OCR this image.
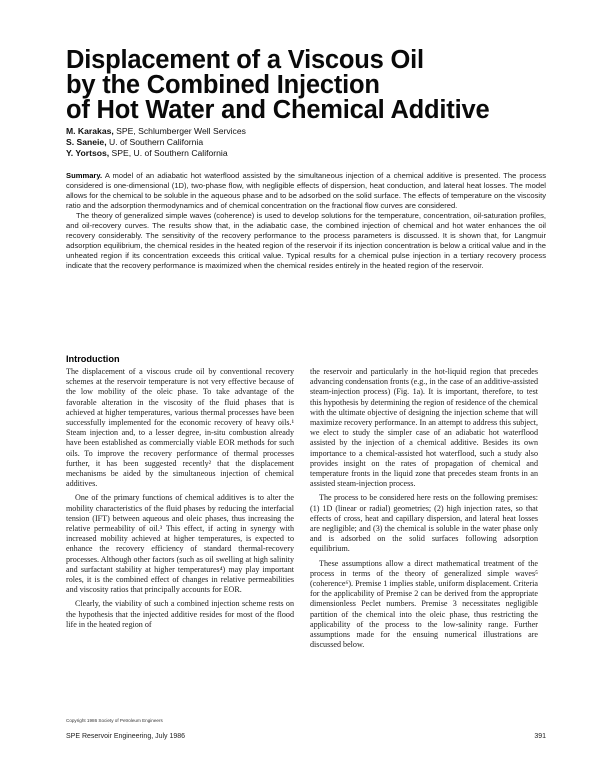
Displacement of a Viscous Oil
by the Combined Injection
of Hot Water and Chemical Additive
M. Karakas, SPE, Schlumberger Well Services
S. Saneie, U. of Southern California
Y. Yortsos, SPE, U. of Southern California

Summary. A model of an adiabatic hot waterflood assisted by the simultaneous injection of a chemical additive is presented. The process considered is one-dimensional (1D), two-phase flow, with negligible effects of dispersion, heat conduction, and lateral heat losses. The model allows for the chemical to be soluble in the aqueous phase and to be adsorbed on the solid surface. The effects of temperature on the viscosity ratio and the adsorption thermodynamics and of chemical concentration on the fractional flow curves are considered.

The theory of generalized simple waves (coherence) is used to develop solutions for the temperature, concentration, oil-saturation profiles, and oil-recovery curves. The results show that, in the adiabatic case, the combined injection of chemical and hot water enhances the oil recovery considerably. The sensitivity of the recovery performance to the process parameters is discussed. It is shown that, for Langmuir adsorption equilibrium, the chemical resides in the heated region of the reservoir if its injection concentration is below a critical value and in the unheated region if its concentration exceeds this critical value. Typical results for a chemical pulse injection in a tertiary recovery process indicate that the recovery performance is maximized when the chemical resides entirely in the heated region of the reservoir.

Introduction

The displacement of a viscous crude oil by conventional recovery schemes at the reservoir temperature is not very effective because of the low mobility of the oleic phase. To take advantage of the favorable alteration in the viscosity of the fluid phases that is achieved at higher temperatures, various thermal processes have been successfully implemented for the economic recovery of heavy oils.¹ Steam injection and, to a lesser degree, in-situ combustion already have been established as commercially viable EOR methods for such oils. To improve the recovery performance of thermal processes further, it has been suggested recently² that the displacement mechanisms be aided by the simultaneous injection of chemical additives.

One of the primary functions of chemical additives is to alter the mobility characteristics of the fluid phases by reducing the interfacial tension (IFT) between aqueous and oleic phases, thus increasing the relative permeability of oil.³ This effect, if acting in synergy with increased mobility achieved at higher temperatures, is expected to enhance the recovery efficiency of standard thermal-recovery processes. Although other factors (such as oil swelling at high salinity and surfactant stability at higher temperatures⁴) may play important roles, it is the combined effect of changes in relative permeabilities and viscosity ratios that principally accounts for EOR.

Clearly, the viability of such a combined injection scheme rests on the hypothesis that the injected additive resides for most of the flood life in the heated region of

the reservoir and particularly in the hot-liquid region that precedes advancing condensation fronts (e.g., in the case of an additive-assisted steam-injection process) (Fig. 1a). It is important, therefore, to test this hypothesis by determining the region of residence of the chemical with the ultimate objective of designing the injection scheme that will maximize recovery performance. In an attempt to address this subject, we elect to study the simpler case of an adiabatic hot waterflood assisted by the injection of a chemical additive. Besides its own importance to a chemical-assisted hot waterflood, such a study also provides insight on the rates of propagation of chemical and temperature fronts in the liquid zone that precedes steam fronts in an assisted steam-injection process.

The process to be considered here rests on the following premises: (1) 1D (linear or radial) geometries; (2) high injection rates, so that effects of cross, heat and capillary dispersion, and lateral heat losses are negligible; and (3) the chemical is soluble in the water phase only and is adsorbed on the solid surfaces following adsorption equilibrium.

These assumptions allow a direct mathematical treatment of the process in terms of the theory of generalized simple waves⁵ (coherence⁶). Premise 1 implies stable, uniform displacement. Criteria for the applicability of Premise 2 can be derived from the appropriate dimensionless Peclet numbers. Premise 3 necessitates negligible partition of the chemical into the oleic phase, thus restricting the applicability of the process to the low-salinity range. Further assumptions made for the ensuing numerical illustrations are discussed below.

Copyright 1986 Society of Petroleum Engineers
SPE Reservoir Engineering, July 1986	391
